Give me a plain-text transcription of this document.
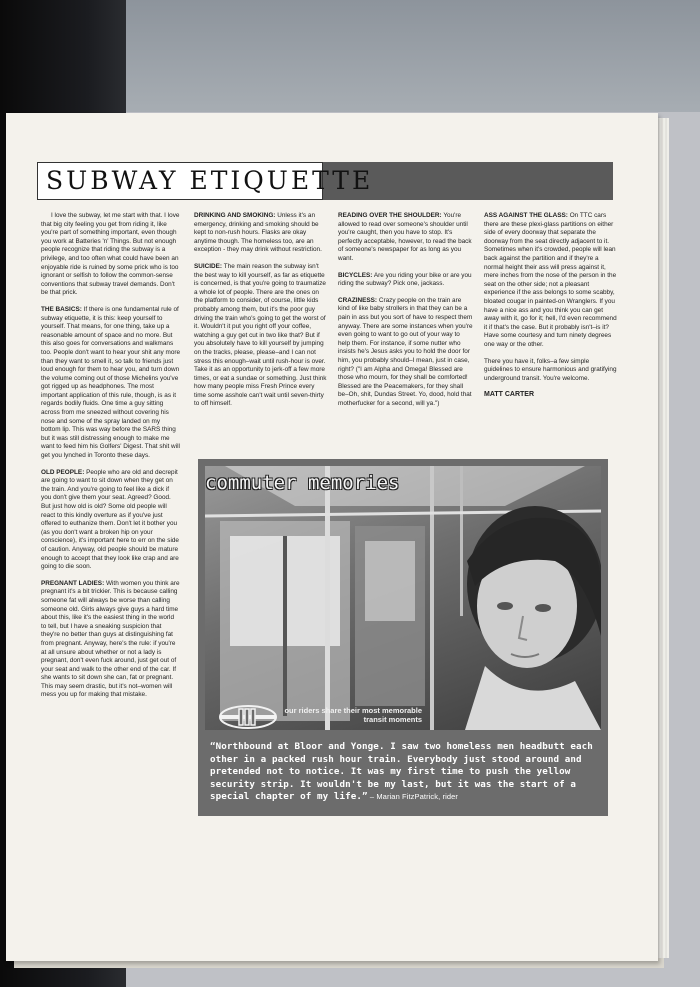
SUBWAY ETIQUETTE

I love the subway, let me start with that. I love that big city feeling you get from riding it, like you're part of something important, even though you work at Batteries 'n' Things. But not enough people recognize that riding the subway is a privilege, and too often what could have been an enjoyable ride is ruined by some prick who is too ignorant or selfish to follow the common-sense conventions that subway travel demands. Don't be that prick.

THE BASICS: If there is one fundamental rule of subway etiquette, it is this: keep yourself to yourself. That means, for one thing, take up a reasonable amount of space and no more. But this also goes for conversations and walkmans too. People don't want to hear your shit any more than they want to smell it, so talk to friends just loud enough for them to hear you, and turn down the volume coming out of those Michelins you've got rigged up as headphones. The most important application of this rule, though, is as it regards bodily fluids. One time a guy sitting across from me sneezed without covering his nose and some of the spray landed on my bottom lip. This was way before the SARS thing but it was still distressing enough to make me want to feed him his Golfers' Digest. That shit will get you lynched in Toronto these days.

OLD PEOPLE: People who are old and decrepit are going to want to sit down when they get on the train. And you're going to feel like a dick if you don't give them your seat. Agreed? Good. But just how old is old? Some old people will react to this kindly overture as if you've just offered to euthanize them. Don't let it bother you (as you don't want a broken hip on your conscience), it's important here to err on the side of caution. Anyway, old people should be mature enough to accept that they look like crap and are going to die soon.

PREGNANT LADIES: With women you think are pregnant it's a bit trickier. This is because calling someone fat will always be worse than calling someone old. Girls always give guys a hard time about this, like it's the easiest thing in the world to tell, but I have a sneaking suspicion that they're no better than guys at distinguishing fat from pregnant. Anyway, here's the rule: if you're at all unsure about whether or not a lady is pregnant, don't even fuck around, just get out of your seat and walk to the other end of the car. If she wants to sit down she can, fat or pregnant. This may seem drastic, but it's not–women will mess you up for making that mistake.

DRINKING AND SMOKING: Unless it's an emergency, drinking and smoking should be kept to non-rush hours. Flasks are okay anytime though. The homeless too, are an exception - they may drink without restriction.

SUICIDE: The main reason the subway isn't the best way to kill yourself, as far as etiquette is concerned, is that you're going to traumatize a whole lot of people. There are the ones on the platform to consider, of course, little kids probably among them, but it's the poor guy driving the train who's going to get the worst of it. Wouldn't it put you right off your coffee, watching a guy get cut in two like that? But if you absolutely have to kill yourself by jumping on the tracks, please, please–and I can not stress this enough–wait until rush-hour is over. Take it as an opportunity to jerk-off a few more times, or eat a sundae or something. Just think how many people miss Fresh Prince every time some asshole can't wait until seven-thirty to off himself.

READING OVER THE SHOULDER: You're allowed to read over someone's shoulder until you're caught, then you have to stop. It's perfectly acceptable, however, to read the back of someone's newspaper for as long as you want.

BICYCLES: Are you riding your bike or are you riding the subway? Pick one, jackass.

CRAZINESS: Crazy people on the train are kind of like baby strollers in that they can be a pain in ass but you sort of have to respect them anyway. There are some instances when you're even going to want to go out of your way to help them. For instance, if some nutter who insists he's Jesus asks you to hold the door for him, you probably should–I mean, just in case, right? ("I am Alpha and Omega! Blessed are those who mourn, for they shall be comforted! Blessed are the Peacemakers, for they shall be–Oh, shit, Dundas Street. Yo, dood, hold that motherfucker for a second, will ya.")

ASS AGAINST THE GLASS: On TTC cars there are these plexi-glass partitions on either side of every doorway that separate the doorway from the seat directly adjacent to it. Sometimes when it's crowded, people will lean back against the partition and if they're a normal height their ass will press against it, mere inches from the nose of the person in the seat on the other side; not a pleasant experience if the ass belongs to some scabby, bloated cougar in painted-on Wranglers. If you have a nice ass and you think you can get away with it, go for it; hell, I'd even recommend it if that's the case. But it probably isn't–is it? Have some courtesy and turn ninety degrees one way or the other.

There you have it, folks–a few simple guidelines to ensure harmonious and gratifying underground transit. You're welcome.

MATT CARTER

commuter memories
our riders share their most memorable transit moments
“Northbound at Bloor and Yonge. I saw two homeless men headbutt each other in a packed rush hour train. Everybody just stood around and pretended not to notice. It was my first time to push the yellow security strip. It wouldn't be my last, but it was the start of a special chapter of my life.” – Marian FitzPatrick, rider
